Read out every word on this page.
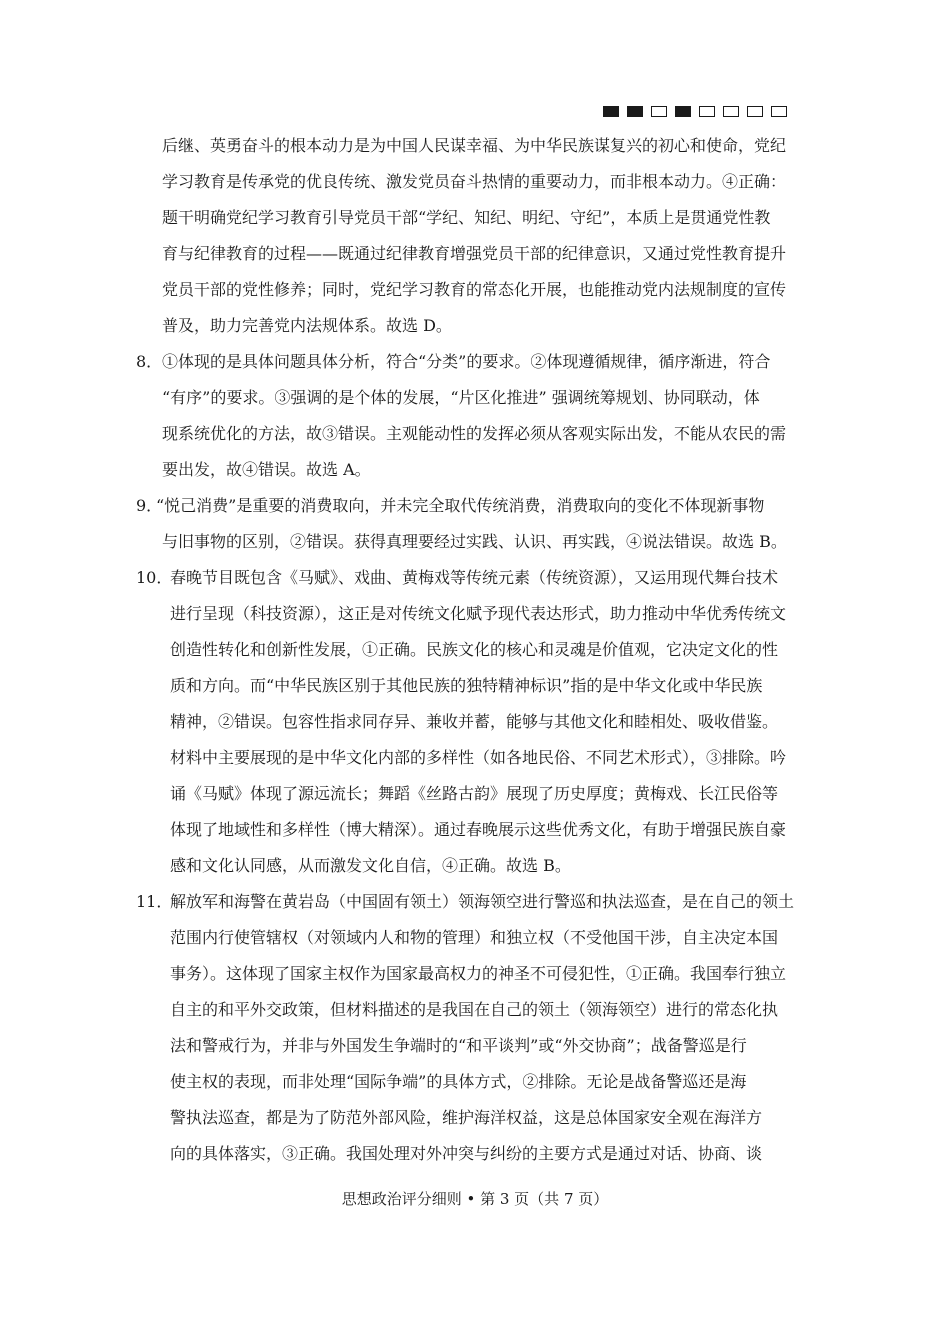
后继、英勇奋斗的根本动力是为中国人民谋幸福、为中华民族谋复兴的初心和使命，党纪
学习教育是传承党的优良传统、激发党员奋斗热情的重要动力，而非根本动力。④正确：
题干明确党纪学习教育引导党员干部“学纪、知纪、明纪、守纪”，本质上是贯通党性教
育与纪律教育的过程——既通过纪律教育增强党员干部的纪律意识，又通过党性教育提升
党员干部的党性修养；同时，党纪学习教育的常态化开展，也能推动党内法规制度的宣传
普及，助力完善党内法规体系。故选 D。
8． ①体现的是具体问题具体分析，符合“分类”的要求。②体现遵循规律，循序渐进，符合
“有序”的要求。③强调的是个体的发展，“片区化推进” 强调统筹规划、协同联动，体
现系统优化的方法，故③错误。主观能动性的发挥必须从客观实际出发，不能从农民的需
要出发，故④错误。故选 A。
9．
“悦己消费”是重要的消费取向，并未完全取代传统消费，消费取向的变化不体现新事物
与旧事物的区别，②错误。获得真理要经过实践、认识、再实践，④说法错误。故选 B。
10．
春晚节目既包含《马赋》、戏曲、黄梅戏等传统元素（传统资源），又运用现代舞台技术
进行呈现（科技资源），这正是对传统文化赋予现代表达形式，助力推动中华优秀传统文
创造性转化和创新性发展，①正确。民族文化的核心和灵魂是价值观，它决定文化的性
质和方向。而“中华民族区别于其他民族的独特精神标识”指的是中华文化或中华民族
精神，②错误。包容性指求同存异、兼收并蓄，能够与其他文化和睦相处、吸收借鉴。
材料中主要展现的是中华文化内部的多样性（如各地民俗、不同艺术形式），③排除。吟
诵《马赋》体现了源远流长；舞蹈《丝路古韵》展现了历史厚度；黄梅戏、长江民俗等
体现了地域性和多样性（博大精深）。通过春晚展示这些优秀文化，有助于增强民族自豪
感和文化认同感，从而激发文化自信，④正确。故选 B。
11．
解放军和海警在黄岩岛（中国固有领土）领海领空进行警巡和执法巡查，是在自己的领土
范围内行使管辖权（对领域内人和物的管理）和独立权（不受他国干涉，自主决定本国
事务）。这体现了国家主权作为国家最高权力的神圣不可侵犯性，①正确。我国奉行独立
自主的和平外交政策，但材料描述的是我国在自己的领土（领海领空）进行的常态化执
法和警戒行为，并非与外国发生争端时的“和平谈判”或“外交协商”；战备警巡是行
使主权的表现，而非处理“国际争端”的具体方式，②排除。无论是战备警巡还是海
警执法巡查，都是为了防范外部风险，维护海洋权益，这是总体国家安全观在海洋方
向的具体落实，③正确。我国处理对外冲突与纠纷的主要方式是通过对话、协商、谈
思想政治评分细则 • 第 3 页（共 7 页）
